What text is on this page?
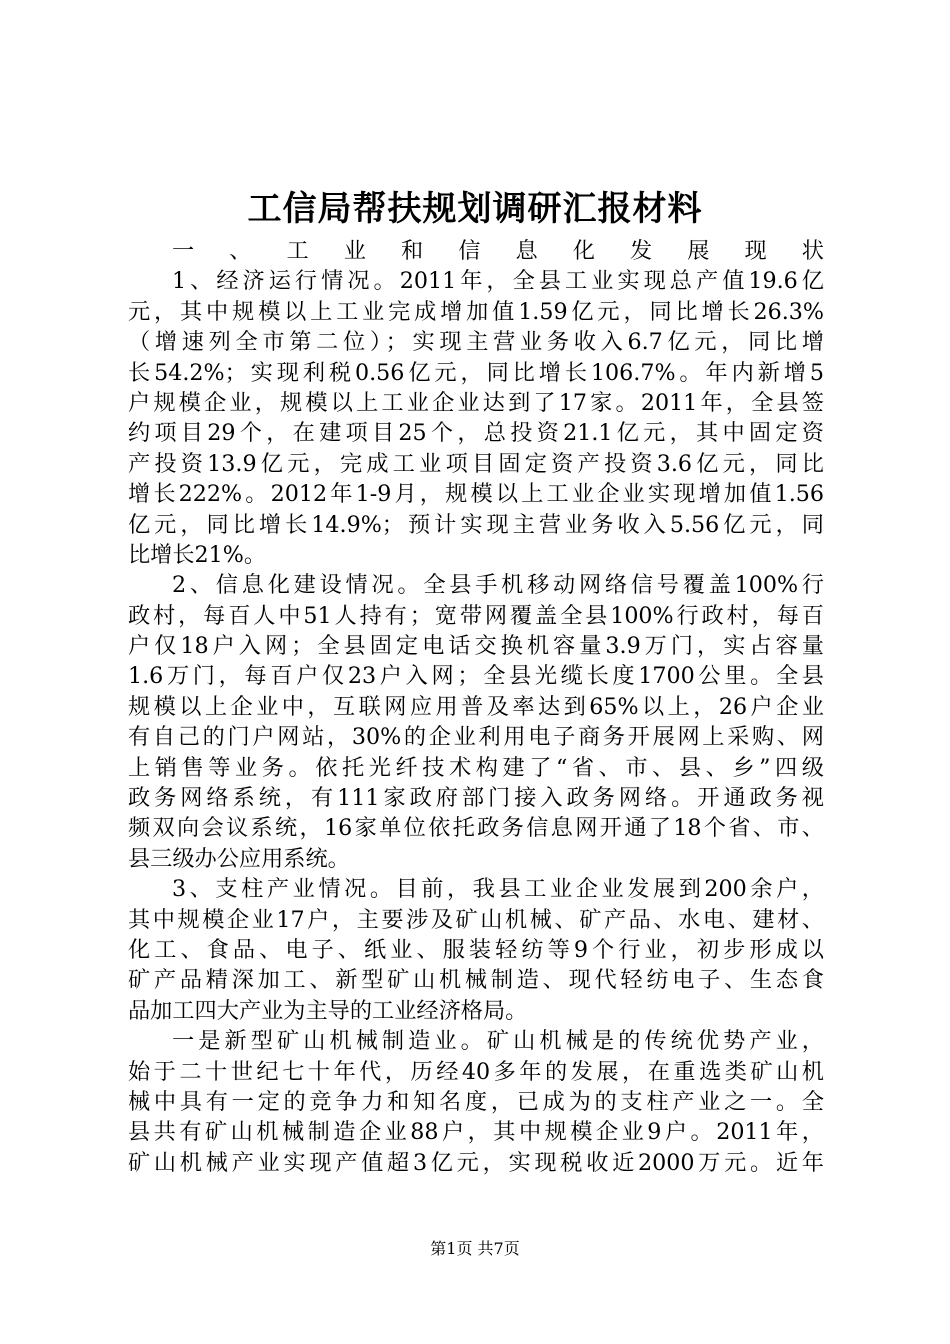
工信局帮扶规划调研汇报材料
一、工业和信息化发展现状
1、经济运行情况。2011年，全县工业实现总产值19.6亿
元，其中规模以上工业完成增加值1.59亿元，同比增长26.3%
（增速列全市第二位）；实现主营业务收入6.7亿元，同比增
长54.2%；实现利税0.56亿元，同比增长106.7%。年内新增5
户规模企业，规模以上工业企业达到了17家。2011年，全县签
约项目29个，在建项目25个，总投资21.1亿元，其中固定资
产投资13.9亿元，完成工业项目固定资产投资3.6亿元，同比
增长222%。2012年1-9月，规模以上工业企业实现增加值1.56
亿元，同比增长14.9%；预计实现主营业务收入5.56亿元，同
比增长21%。
2、信息化建设情况。全县手机移动网络信号覆盖100%行
政村，每百人中51人持有；宽带网覆盖全县100%行政村，每百
户仅18户入网；全县固定电话交换机容量3.9万门，实占容量
1.6万门，每百户仅23户入网；全县光缆长度1700公里。全县
规模以上企业中，互联网应用普及率达到65%以上，26户企业
有自己的门户网站，30%的企业利用电子商务开展网上采购、网
上销售等业务。依托光纤技术构建了“省、市、县、乡”四级
政务网络系统，有111家政府部门接入政务网络。开通政务视
频双向会议系统，16家单位依托政务信息网开通了18个省、市、
县三级办公应用系统。
3、支柱产业情况。目前，我县工业企业发展到200余户，
其中规模企业17户，主要涉及矿山机械、矿产品、水电、建材、
化工、食品、电子、纸业、服装轻纺等9个行业，初步形成以
矿产品精深加工、新型矿山机械制造、现代轻纺电子、生态食
品加工四大产业为主导的工业经济格局。
一是新型矿山机械制造业。矿山机械是的传统优势产业，
始于二十世纪七十年代，历经40多年的发展，在重选类矿山机
械中具有一定的竞争力和知名度，已成为的支柱产业之一。全
县共有矿山机械制造企业88户，其中规模企业9户。2011年，
矿山机械产业实现产值超3亿元，实现税收近2000万元。近年
第1页 共7页
